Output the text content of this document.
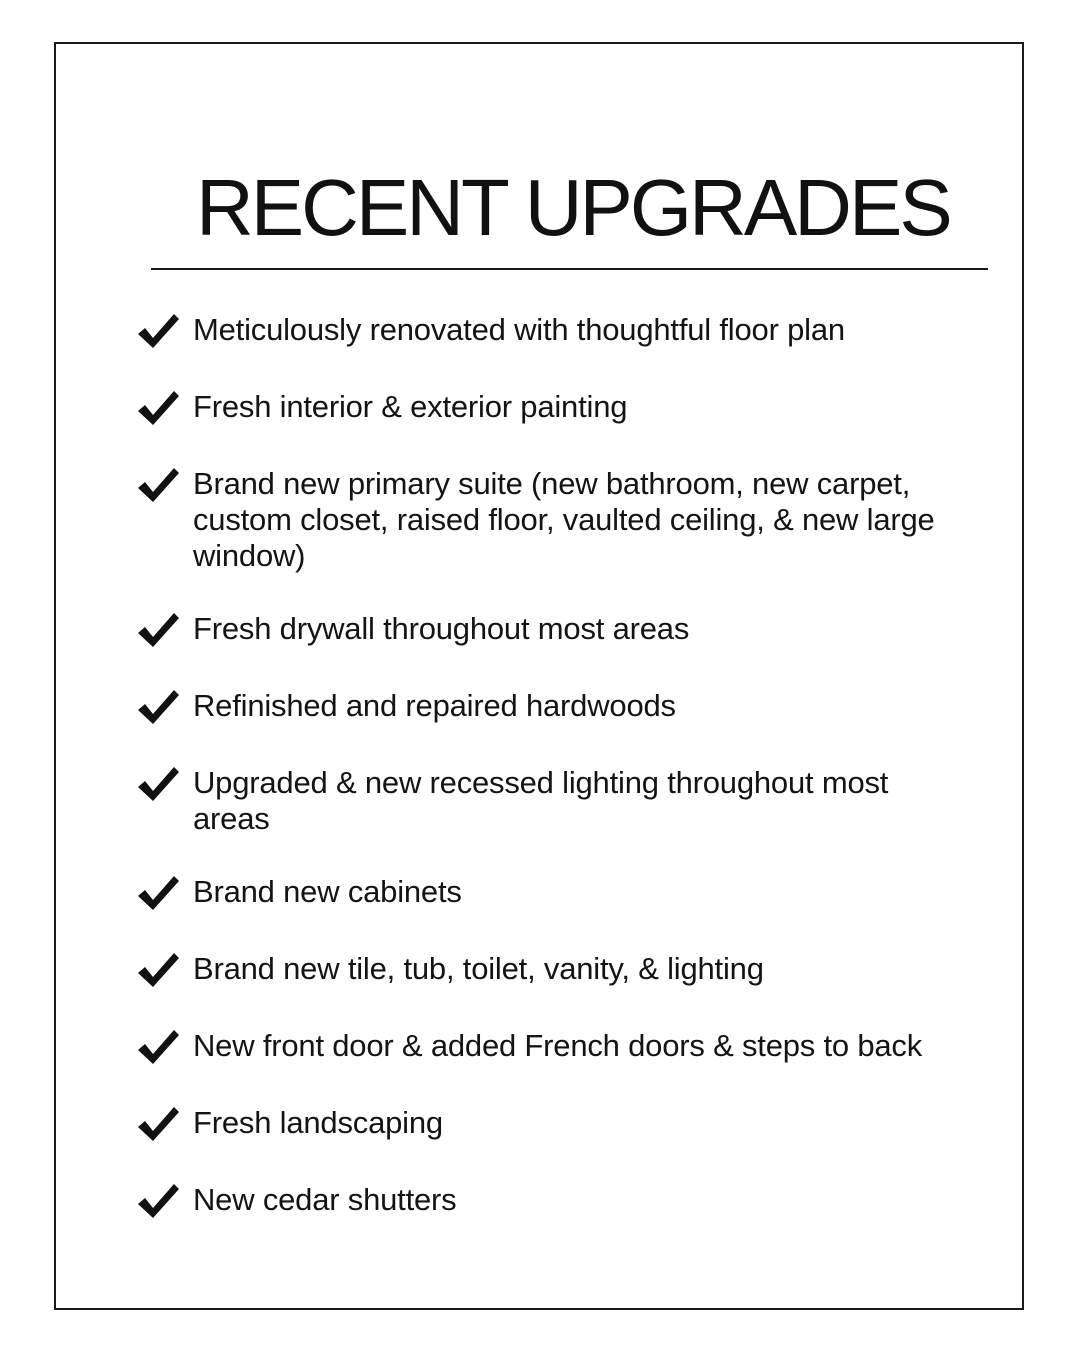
RECENT UPGRADES
Meticulously renovated with thoughtful floor plan
Fresh interior & exterior painting
Brand new primary suite (new bathroom, new carpet, custom closet, raised floor, vaulted ceiling, & new large window)
Fresh drywall throughout most areas
Refinished and repaired hardwoods
Upgraded & new recessed lighting throughout most areas
Brand new cabinets
Brand new tile, tub, toilet, vanity, & lighting
New front door & added French doors & steps to back
Fresh landscaping
New cedar shutters
